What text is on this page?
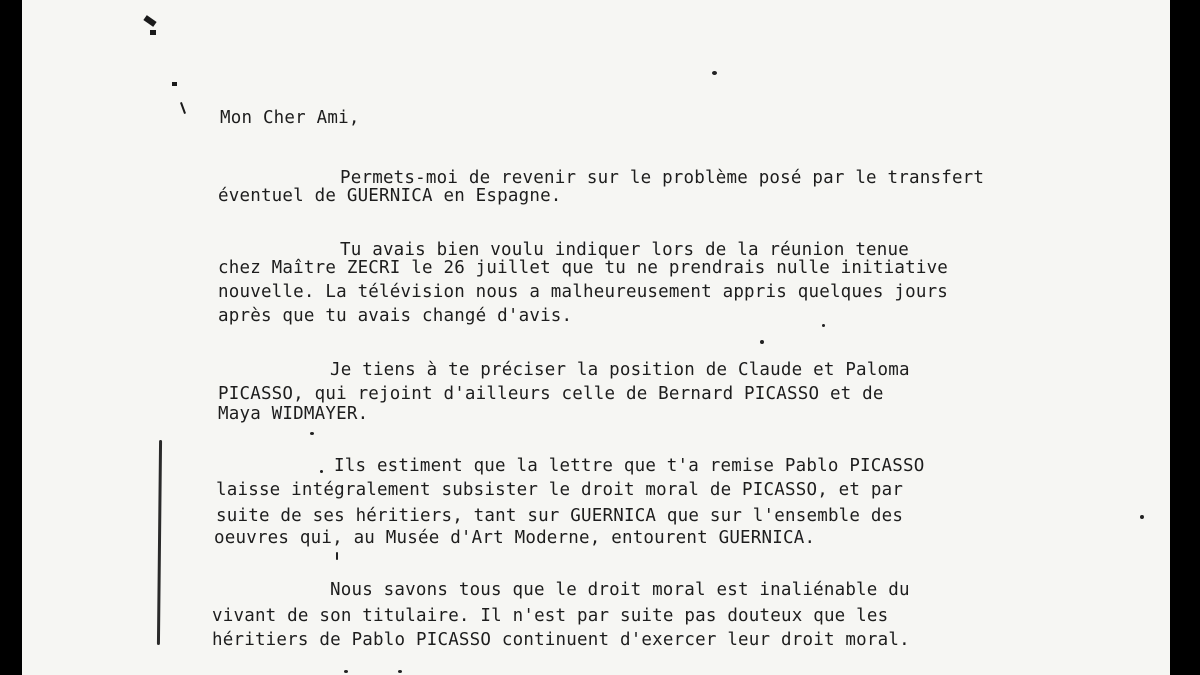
Mon Cher Ami,
Permets-moi de revenir sur le problème posé par le transfert
éventuel de GUERNICA en Espagne.
Tu avais bien voulu indiquer lors de la réunion tenue
chez Maître ZECRI le 26 juillet que tu ne prendrais nulle initiative
nouvelle. La télévision nous a malheureusement appris quelques jours
après que tu avais changé d'avis.
Je tiens à te préciser la position de Claude et Paloma
PICASSO, qui rejoint d'ailleurs celle de Bernard PICASSO et de
Maya WIDMAYER.
Ils estiment que la lettre que t'a remise Pablo PICASSO
laisse intégralement subsister le droit moral de PICASSO, et par
suite de ses héritiers, tant sur GUERNICA que sur l'ensemble des
oeuvres qui, au Musée d'Art Moderne, entourent GUERNICA.
Nous savons tous que le droit moral est inaliénable du
vivant de son titulaire. Il n'est par suite pas douteux que les
héritiers de Pablo PICASSO continuent d'exercer leur droit moral.
